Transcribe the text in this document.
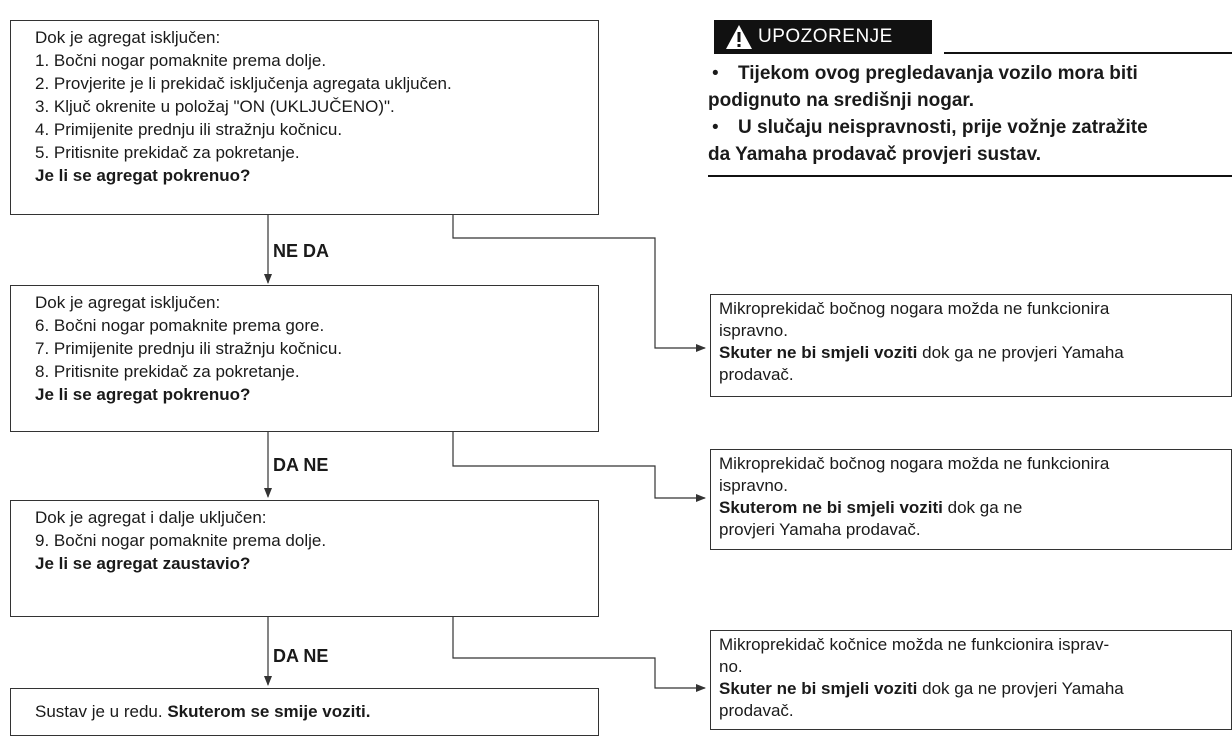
Dok je agregat isključen:
1. Bočni nogar pomaknite prema dolje.
2. Provjerite je li prekidač isključenja agregata uključen.
3. Ključ okrenite u položaj "ON (UKLJUČENO)".
4. Primijenite prednju ili stražnju kočnicu.
5. Pritisnite prekidač za pokretanje.
Je li se agregat pokrenuo?
NE DA
Dok je agregat isključen:
6. Bočni nogar pomaknite prema gore.
7. Primijenite prednju ili stražnju kočnicu.
8. Pritisnite prekidač za pokretanje.
Je li se agregat pokrenuo?
DA NE
Dok je agregat i dalje uključen:
9. Bočni nogar pomaknite prema dolje.
Je li se agregat zaustavio?
DA NE
Sustav je u redu. Skuterom se smije voziti.
Mikroprekidač bočnog nogara možda ne funkcionira
ispravno.
Skuter ne bi smjeli voziti dok ga ne provjeri Yamaha
prodavač.
Mikroprekidač bočnog nogara možda ne funkcionira
ispravno.
Skuterom ne bi smjeli voziti dok ga ne
provjeri Yamaha prodavač.
Mikroprekidač kočnice možda ne funkcionira isprav-
no.
Skuter ne bi smjeli voziti dok ga ne provjeri Yamaha
prodavač.
UPOZORENJE
• Tijekom ovog pregledavanja vozilo mora biti
podignuto na središnji nogar.
• U slučaju neispravnosti, prije vožnje zatražite
da Yamaha prodavač provjeri sustav.
